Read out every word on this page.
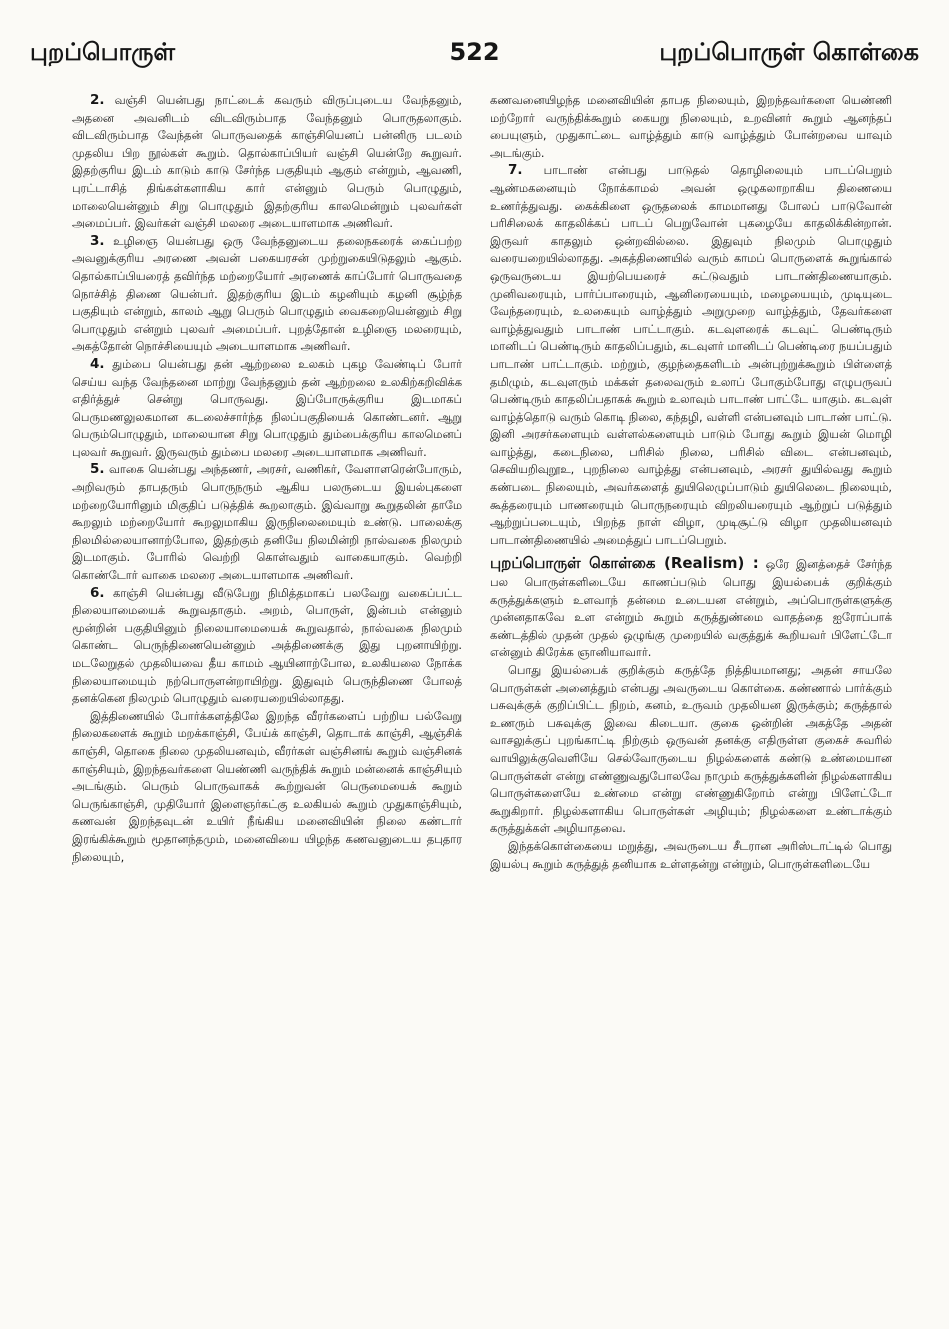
புறப்பொருள்	522	புறப்பொருள் கொள்கை

2. வஞ்சி யென்பது நாட்டைக் கவரும் விருப்புடைய வேந்தனும், அதனை அவனிடம் விடவிரும்பாத வேந்தனும் பொருதலாகும். விடவிரும்பாத வேந்தன் பொருவதைக் காஞ்சியெனப் பன்னிரு படலம் முதலிய பிற நூல்கள் கூறும். தொல்காப்பியர் வஞ்சி யென்றே கூறுவர். இதற்குரிய இடம் காடும் காடு சேர்ந்த பகுதியும் ஆகும் என்றும், ஆவணி, புரட்டாசித் திங்கள்களாகிய கார் என்னும் பெரும் பொழுதும், மாலையென்னும் சிறு பொழுதும் இதற்குரிய காலமென்றும் புலவர்கள் அமைப்பர். இவர்கள் வஞ்சி மலரை அடையாளமாக அணிவர்.

3. உழிஞை யென்பது ஒரு வேந்தனுடைய தலைநகரைக் கைப்பற்ற அவனுக்குரிய அரணை அவன் பகையரசன் முற்றுகையிடுதலும் ஆகும். தொல்காப்பியரைத் தவிர்ந்த மற்றையோர் அரணைக் காப்போர் பொருவதை நொச்சித் திணை யென்பர். இதற்குரிய இடம் கழனியும் கழனி சூழ்ந்த பகுதியும் என்றும், காலம் ஆறு பெரும் பொழுதும் வைகறையென்னும் சிறு பொழுதும் என்றும் புலவர் அமைப்பர். புறத்தோன் உழிஞை மலரையும், அகத்தோன் நொச்சியையும் அடையாளமாக அணிவர்.

4. தும்பை யென்பது தன் ஆற்றலை உலகம் புகழ வேண்டிப் போர் செய்ய வந்த வேந்தனை மாற்று வேந்தனும் தன் ஆற்றலை உலகிற்கறிவிக்க எதிர்த்துச் சென்று பொருவது. இப்போருக்குரிய இடமாகப் பெருமணலுலகமான கடலைச்சார்ந்த நிலப்பகுதியைக் கொண்டனர். ஆறு பெரும்பொழுதும், மாலையான சிறு பொழுதும் தும்பைக்குரிய காலமெனப் புலவர் கூறுவர். இருவரும் தும்பை மலரை அடையாளமாக அணிவர்.

5. வாகை யென்பது அந்தணர், அரசர், வணிகர், வேளாளரென்போரும், அறிவரும் தாபதரும் பொருநரும் ஆகிய பலருடைய இயல்புகளை மற்றையோரினும் மிகுதிப் படுத்திக் கூறலாகும். இவ்வாறு கூறுதலின் தாமே கூறலும் மற்றையோர் கூறலுமாகிய இருநிலைமையும் உண்டு. பாலைக்கு நிலமில்லையானாற்போல, இதற்கும் தனியே நிலமின்றி நால்வகை நிலமும் இடமாகும். போரில் வெற்றி கொள்வதும் வாகையாகும். வெற்றி கொண்டோர் வாகை மலரை அடையாளமாக அணிவர்.

6. காஞ்சி யென்பது வீடுபேறு நிமித்தமாகப் பலவேறு வகைப்பட்ட நிலையாமையைக் கூறுவதாகும். அறம், பொருள், இன்பம் என்னும் மூன்றின் பகுதியினும் நிலையாமையைக் கூறுவதால், நால்வகை நிலமும் கொண்ட பெருந்திணையென்னும் அத்திணைக்கு இது புறனாயிற்று. மடலேறுதல் முதலியவை தீய காமம் ஆயினாற்போல, உலகியலை நோக்க நிலையாமையும் நற்பொருளன்றாயிற்று. இதுவும் பெருந்திணை போலத் தனக்கென நிலமும் பொழுதும் வரையறையில்லாதது.

இத்திணையில் போர்க்களத்திலே இறந்த வீரர்களைப் பற்றிய பல்வேறு நிலைகளைக் கூறும் மறக்காஞ்சி, பேய்க் காஞ்சி, தொடாக் காஞ்சி, ஆஞ்சிக் காஞ்சி, தொகை நிலை முதலியனவும், வீரர்கள் வஞ்சினங் கூறும் வஞ்சினக் காஞ்சியும், இறந்தவர்களை யெண்ணி வருந்திக் கூறும் மன்னைக் காஞ்சியும் அடங்கும். பெரும் பொருவாகக் கூற்றுவன் பெருமையைக் கூறும் பெருங்காஞ்சி, முதியோர் இளைஞர்கட்கு உலகியல் கூறும் முதுகாஞ்சியும், கணவன் இறந்தவுடன் உயிர் நீங்கிய மனைவியின் நிலை கண்டார் இரங்கிக்கூறும் மூதானந்தமும், மனைவியை யிழந்த கணவனுடைய தபுதார நிலையும்,

கணவனையிழந்த மனைவியின் தாபத நிலையும், இறந்தவர்களை யெண்ணி மற்றோர் வருந்திக்கூறும் கையறு நிலையும், உறவினர் கூறும் ஆனந்தப் பையுளும், முதுகாட்டை வாழ்த்தும் காடு வாழ்த்தும் போன்றவை யாவும் அடங்கும்.

7. பாடாண் என்பது பாடுதல் தொழிலையும் பாடப்பெறும் ஆண்மகனையும் நோக்காமல் அவன் ஒழுகலாறாகிய திணையை உணர்த்துவது. கைக்கிளை ஒருதலைக் காமமானது போலப் பாடுவோன் பரிசிலைக் காதலிக்கப் பாடப் பெறுவோன் புகழையே காதலிக்கின்றான். இருவர் காதலும் ஒன்றவில்லை. இதுவும் நிலமும் பொழுதும் வரையறையில்லாதது. அகத்திணையில் வரும் காமப் பொருளைக் கூறுங்கால் ஒருவருடைய இயற்பெயரைச் சுட்டுவதும் பாடாண்திணையாகும். முனிவரையும், பார்ப்பாரையும், ஆனிரையையும், மழையையும், முடியுடை வேந்தரையும், உலகையும் வாழ்த்தும் அறுமுறை வாழ்த்தும், தேவர்களை வாழ்த்துவதும் பாடாண் பாட்டாகும். கடவுளரைக் கடவுட் பெண்டிரும் மானிடப் பெண்டிரும் காதலிப்பதும், கடவுளர் மானிடப் பெண்டிரை நயப்பதும் பாடாண் பாட்டாகும். மற்றும், குழந்தைகளிடம் அன்புற்றுக்கூறும் பிள்ளைத் தமிழும், கடவுளரும் மக்கள் தலைவரும் உலாப் போகும்போது எழுபருவப் பெண்டிரும் காதலிப்பதாகக் கூறும் உலாவும் பாடாண் பாட்டே யாகும். கடவுள் வாழ்த்தொடு வரும் கொடி நிலை, கந்தழி, வள்ளி என்பனவும் பாடாண் பாட்டு. இனி அரசர்களையும் வள்ளல்களையும் பாடும் போது கூறும் இயன் மொழி வாழ்த்து, கடைநிலை, பரிசில் நிலை, பரிசில் விடை என்பனவும், செவியறிவுறூஉ, புறநிலை வாழ்த்து என்பனவும், அரசர் துயில்வது கூறும் கண்படை நிலையும், அவர்களைத் துயிலெழுப்பாடும் துயிலெடை நிலையும், கூத்தரையும் பாணரையும் பொருநரையும் விறலியரையும் ஆற்றுப் படுத்தும் ஆற்றுப்படையும், பிறந்த நாள் விழா, முடிசூட்டு விழா முதலியனவும் பாடாண்திணையில் அமைத்துப் பாடப்பெறும்.

புறப்பொருள் கொள்கை (Realism) : ஒரே இனத்தைச் சேர்ந்த பல பொருள்களிடையே காணப்படும் பொது இயல்பைக் குறிக்கும் கருத்துக்களும் உளவாந் தன்மை உடையன என்றும், அப்பொருள்களுக்கு முன்னதாகவே உள என்றும் கூறும் கருத்துண்மை வாதத்தை ஐரோப்பாக் கண்டத்தில் முதன் முதல் ஒழுங்கு முறையில் வகுத்துக் கூறியவர் பிளேட்டோ என்னும் கிரேக்க ஞானியாவார்.

பொது இயல்பைக் குறிக்கும் கருத்தே நித்தியமானது; அதன் சாயலே பொருள்கள் அனைத்தும் என்பது அவருடைய கொள்கை. கண்ணால் பார்க்கும் பசுவுக்குக் குறிப்பிட்ட நிறம், கனம், உருவம் முதலியன இருக்கும்; கருத்தால் உணரும் பசுவுக்கு இவை கிடையா. குகை ஒன்றின் அகத்தே அதன் வாசலுக்குப் புறங்காட்டி நிற்கும் ஒருவன் தனக்கு எதிருள்ள குகைச் சுவரில் வாயிலுக்குவெளியே செல்வோருடைய நிழல்களைக் கண்டு உண்மையான பொருள்கள் என்று எண்ணுவதுபோலவே நாமும் கருத்துக்களின் நிழல்களாகிய பொருள்களையே உண்மை என்று எண்ணுகிறோம் என்று பிளேட்டோ கூறுகிறார். நிழல்களாகிய பொருள்கள் அழியும்; நிழல்களை உண்டாக்கும் கருத்துக்கள் அழியாதவை.

இந்தக்கொள்கையை மறுத்து, அவருடைய சீடரான அரிஸ்டாட்டில் பொது இயல்பு கூறும் கருத்துத் தனியாக உள்ளதன்று என்றும், பொருள்களிடையே
